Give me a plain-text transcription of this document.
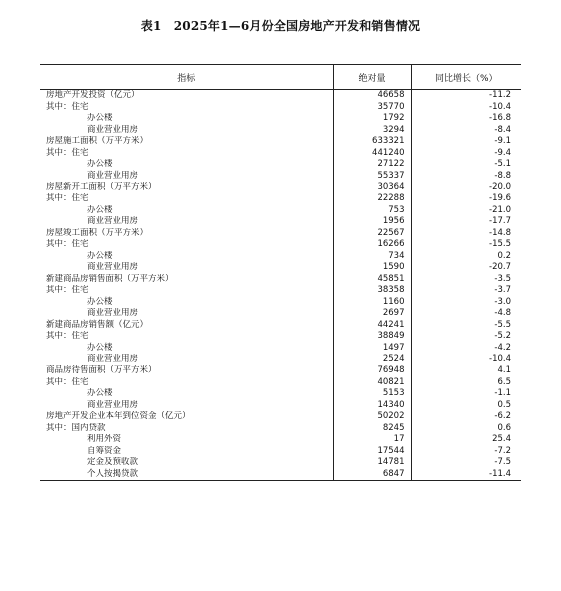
表1　2025年1—6月份全国房地产开发和销售情况
指标	绝对量	同比增长（%）
房地产开发投资（亿元）	46658	-11.2
其中：住宅	35770	-10.4
办公楼	1792	-16.8
商业营业用房	3294	-8.4
房屋施工面积（万平方米）	633321	-9.1
其中：住宅	441240	-9.4
办公楼	27122	-5.1
商业营业用房	55337	-8.8
房屋新开工面积（万平方米）	30364	-20.0
其中：住宅	22288	-19.6
办公楼	753	-21.0
商业营业用房	1956	-17.7
房屋竣工面积（万平方米）	22567	-14.8
其中：住宅	16266	-15.5
办公楼	734	0.2
商业营业用房	1590	-20.7
新建商品房销售面积（万平方米）	45851	-3.5
其中：住宅	38358	-3.7
办公楼	1160	-3.0
商业营业用房	2697	-4.8
新建商品房销售额（亿元）	44241	-5.5
其中：住宅	38849	-5.2
办公楼	1497	-4.2
商业营业用房	2524	-10.4
商品房待售面积（万平方米）	76948	4.1
其中：住宅	40821	6.5
办公楼	5153	-1.1
商业营业用房	14340	0.5
房地产开发企业本年到位资金（亿元）	50202	-6.2
其中：国内贷款	8245	0.6
利用外资	17	25.4
自筹资金	17544	-7.2
定金及预收款	14781	-7.5
个人按揭贷款	6847	-11.4
